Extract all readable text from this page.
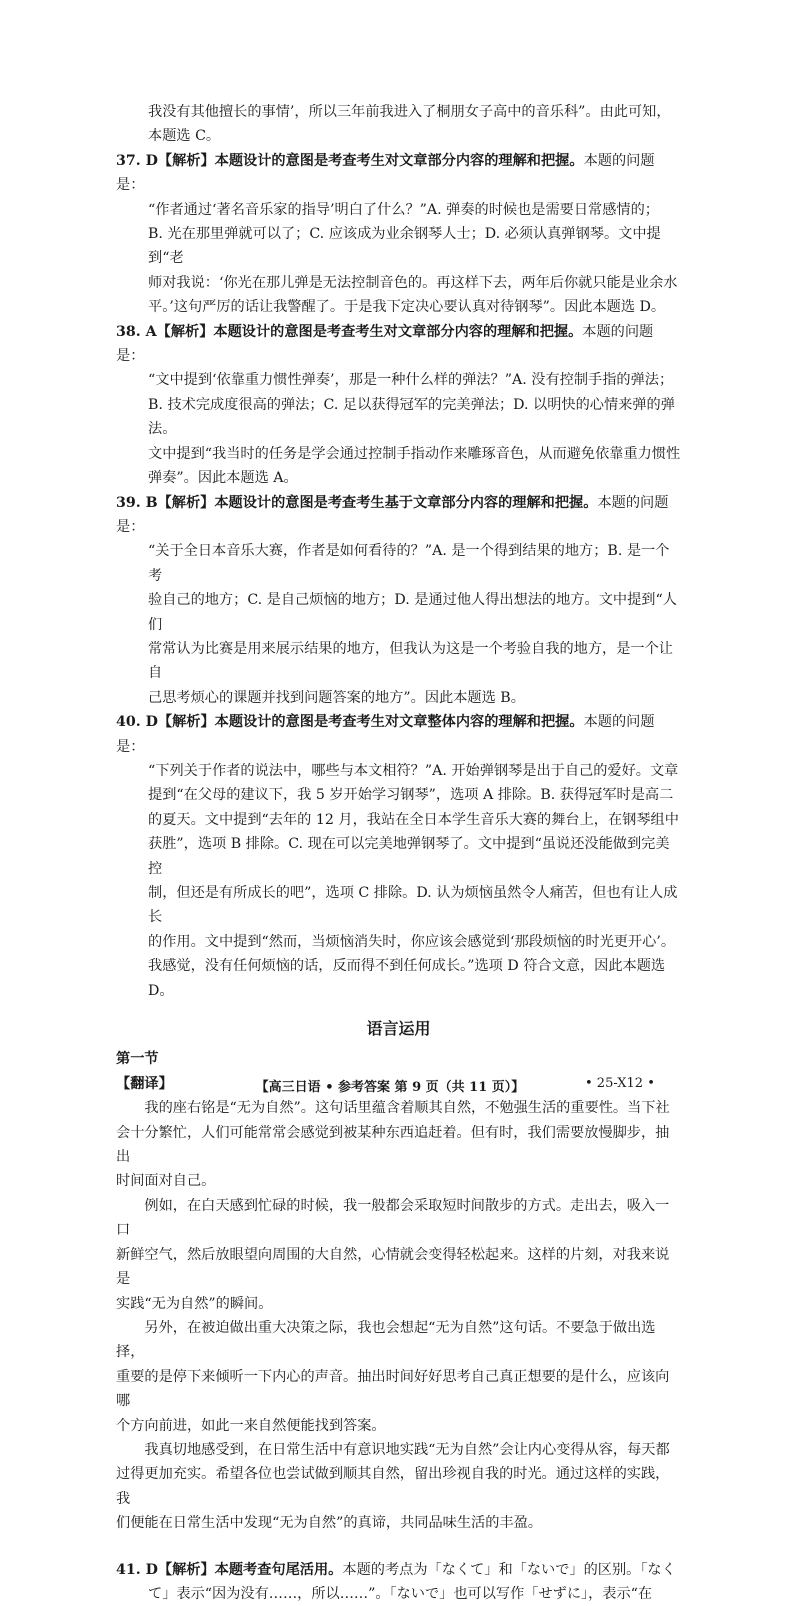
我没有其他擅长的事情’，所以三年前我进入了桐朋女子高中的音乐科”。由此可知，

本题选 C。

37. D【解析】本题设计的意图是考查考生对文章部分内容的理解和把握。本题的问题是：

“作者通过‘著名音乐家的指导’明白了什么？”A. 弹奏的时候也是需要日常感情的；

B. 光在那里弹就可以了；C. 应该成为业余钢琴人士；D. 必须认真弹钢琴。文中提到“老

师对我说：‘你光在那儿弹是无法控制音色的。再这样下去，两年后你就只能是业余水

平。’这句严厉的话让我警醒了。于是我下定决心要认真对待钢琴”。因此本题选 D。

38. A【解析】本题设计的意图是考查考生对文章部分内容的理解和把握。本题的问题是：

“文中提到‘依靠重力惯性弹奏’，那是一种什么样的弹法？”A. 没有控制手指的弹法；

B. 技术完成度很高的弹法；C. 足以获得冠军的完美弹法；D. 以明快的心情来弹的弹法。

文中提到“我当时的任务是学会通过控制手指动作来雕琢音色，从而避免依靠重力惯性

弹奏”。因此本题选 A。

39. B【解析】本题设计的意图是考查考生基于文章部分内容的理解和把握。本题的问题是：

“关于全日本音乐大赛，作者是如何看待的？”A. 是一个得到结果的地方；B. 是一个考

验自己的地方；C. 是自己烦恼的地方；D. 是通过他人得出想法的地方。文中提到“人们

常常认为比赛是用来展示结果的地方，但我认为这是一个考验自我的地方，是一个让自

己思考烦心的课题并找到问题答案的地方”。因此本题选 B。

40. D【解析】本题设计的意图是考查考生对文章整体内容的理解和把握。本题的问题是：

“下列关于作者的说法中，哪些与本文相符？”A. 开始弹钢琴是出于自己的爱好。文章

提到“在父母的建议下，我 5 岁开始学习钢琴”，选项 A 排除。B. 获得冠军时是高二

的夏天。文中提到“去年的 12 月，我站在全日本学生音乐大赛的舞台上，在钢琴组中

获胜”，选项 B 排除。C. 现在可以完美地弹钢琴了。文中提到“虽说还没能做到完美控

制，但还是有所成长的吧”，选项 C 排除。D. 认为烦恼虽然令人痛苦，但也有让人成长

的作用。文中提到“然而，当烦恼消失时，你应该会感觉到‘那段烦恼的时光更开心’。

我感觉，没有任何烦恼的话，反而得不到任何成长。”选项 D 符合文意，因此本题选 D。

语言运用

第一节

【翻译】

我的座右铭是“无为自然”。这句话里蕴含着顺其自然，不勉强生活的重要性。当下社

会十分繁忙，人们可能常常会感觉到被某种东西追赶着。但有时，我们需要放慢脚步，抽出

时间面对自己。

例如，在白天感到忙碌的时候，我一般都会采取短时间散步的方式。走出去，吸入一口

新鲜空气，然后放眼望向周围的大自然，心情就会变得轻松起来。这样的片刻，对我来说是

实践“无为自然”的瞬间。

另外，在被迫做出重大决策之际，我也会想起“无为自然”这句话。不要急于做出选择，

重要的是停下来倾听一下内心的声音。抽出时间好好思考自己真正想要的是什么，应该向哪

个方向前进，如此一来自然便能找到答案。

我真切地感受到，在日常生活中有意识地实践“无为自然”会让内心变得从容，每天都

过得更加充实。希望各位也尝试做到顺其自然，留出珍视自我的时光。通过这样的实践，我

们便能在日常生活中发现“无为自然”的真谛，共同品味生活的丰盈。

41. D【解析】本题考查句尾活用。本题的考点为「なくて」和「ないで」的区别。「なく

て」表示“因为没有……，所以……”。「ないで」也可以写作「せずに」，表示“在

【高三日语 • 参考答案 第 9 页（共 11 页）】	• 25-X12 •
